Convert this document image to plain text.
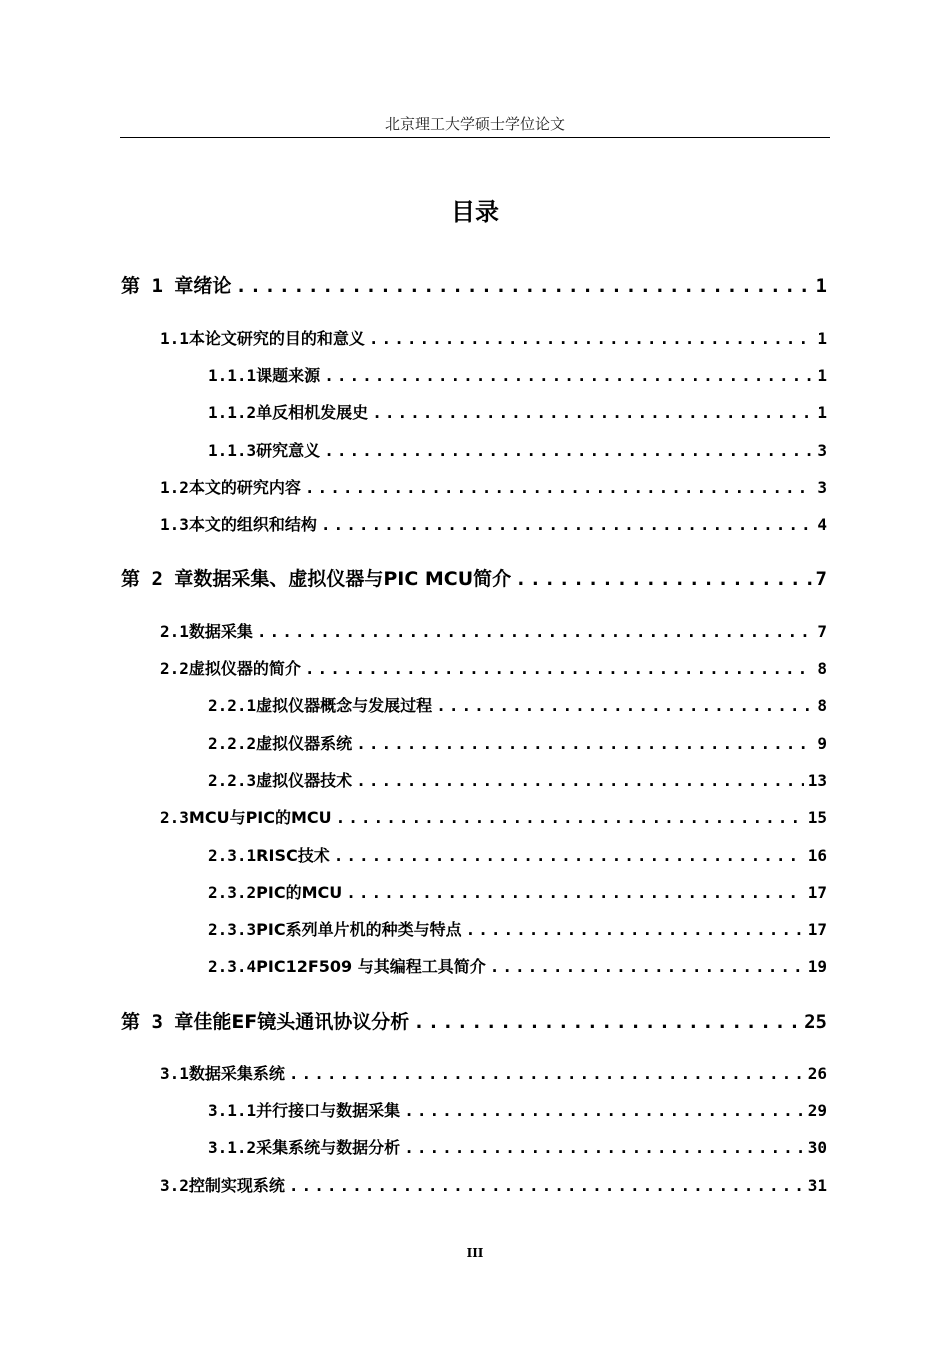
北京理工大学硕士学位论文
目录
第 1 章 绪论 .....	1
1.1 本论文研究的目的和意义 .....	1
1.1.1 课题来源 .....	1
1.1.2 单反相机发展史 .....	1
1.1.3 研究意义 .....	3
1.2 本文的研究内容 .....	3
1.3 本文的组织和结构 .....	4
第 2 章 数据采集、虚拟仪器与PIC MCU简介 .....	7
2.1 数据采集 .....	7
2.2 虚拟仪器的简介 .....	8
2.2.1 虚拟仪器概念与发展过程 .....	8
2.2.2 虚拟仪器系统 .....	9
2.2.3 虚拟仪器技术 .....	13
2.3 MCU与PIC的MCU .....	15
2.3.1 RISC技术 .....	16
2.3.2 PIC的MCU .....	17
2.3.3 PIC系列单片机的种类与特点 .....	17
2.3.4 PIC12F509 与其编程工具简介 .....	19
第 3 章 佳能EF镜头通讯协议分析 .....	25
3.1 数据采集系统 .....	26
3.1.1 并行接口与数据采集 .....	29
3.1.2 采集系统与数据分析 .....	30
3.2 控制实现系统 .....	31
III
